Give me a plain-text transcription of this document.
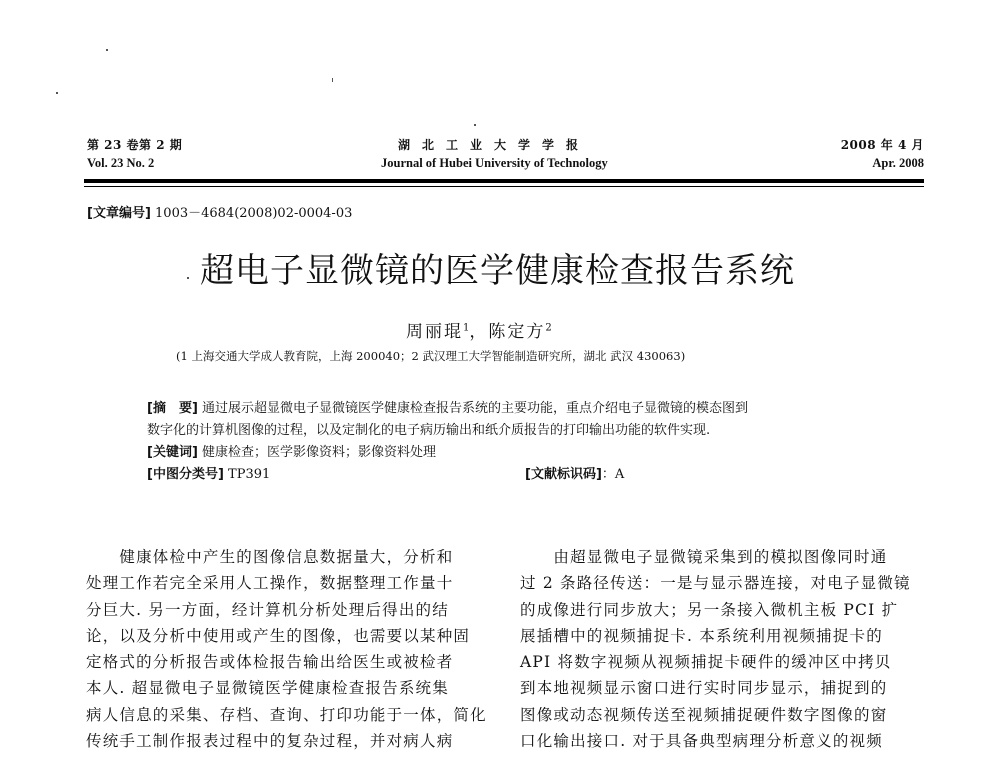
第 23 卷第 2 期
Vol. 23 No. 2
湖　北　工　业　大　学　学　报
Journal of Hubei University of Technology
2008 年 4 月
Apr. 2008
[文章编号] 1003－4684(2008)02-0004-03
超电子显微镜的医学健康检查报告系统
周丽琨$^1$，陈定方$^2$
(1 上海交通大学成人教育院，上海 200040；2 武汉理工大学智能制造研究所，湖北 武汉 430063)
[摘　要] 通过展示超显微电子显微镜医学健康检查报告系统的主要功能，重点介绍电子显微镜的模态图到
数字化的计算机图像的过程，以及定制化的电子病历输出和纸介质报告的打印输出功能的软件实现.
[关键词] 健康检查；医学影像资料；影像资料处理
[中图分类号] TP391	[文献标识码]：A
　　健康体检中产生的图像信息数据量大，分析和
处理工作若完全采用人工操作，数据整理工作量十
分巨大. 另一方面，经计算机分析处理后得出的结
论，以及分析中使用或产生的图像，也需要以某种固
定格式的分析报告或体检报告输出给医生或被检者
本人. 超显微电子显微镜医学健康检查报告系统集
病人信息的采集、存档、查询、打印功能于一体，简化
传统手工制作报表过程中的复杂过程，并对病人病
　　由超显微电子显微镜采集到的模拟图像同时通
过 2 条路径传送：一是与显示器连接，对电子显微镜
的成像进行同步放大；另一条接入微机主板 PCI 扩
展插槽中的视频捕捉卡. 本系统利用视频捕捉卡的
API 将数字视频从视频捕捉卡硬件的缓冲区中拷贝
到本地视频显示窗口进行实时同步显示，捕捉到的
图像或动态视频传送至视频捕捉硬件数字图像的窗
口化输出接口. 对于具备典型病理分析意义的视频
